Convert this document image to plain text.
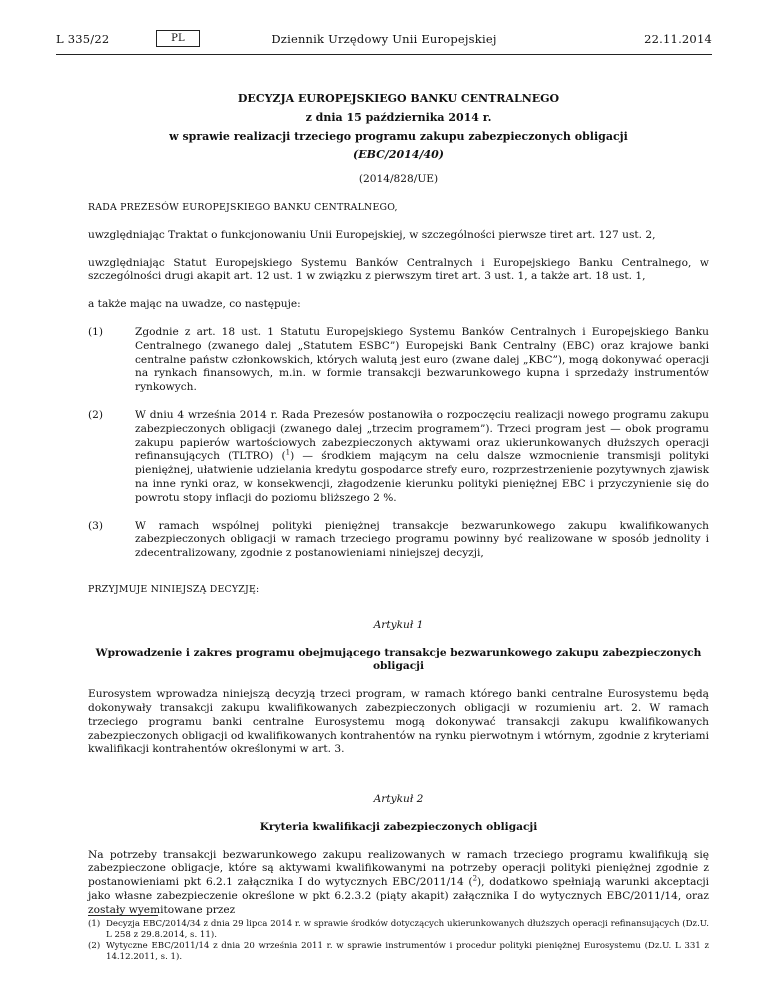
L 335/22	PL	Dziennik Urzędowy Unii Europejskiej	22.11.2014

DECYZJA EUROPEJSKIEGO BANKU CENTRALNEGO

z dnia 15 października 2014 r.

w sprawie realizacji trzeciego programu zakupu zabezpieczonych obligacji

(EBC/2014/40)

(2014/828/UE)

RADA PREZESÓW EUROPEJSKIEGO BANKU CENTRALNEGO,

uwzględniając Traktat o funkcjonowaniu Unii Europejskiej, w szczególności pierwsze tiret art. 127 ust. 2,

uwzględniając Statut Europejskiego Systemu Banków Centralnych i Europejskiego Banku Centralnego, w szczególności drugi akapit art. 12 ust. 1 w związku z pierwszym tiret art. 3 ust. 1, a także art. 18 ust. 1,

a także mając na uwadze, co następuje:

(1)	Zgodnie z art. 18 ust. 1 Statutu Europejskiego Systemu Banków Centralnych i Europejskiego Banku Centralnego (zwanego dalej „Statutem ESBC”) Europejski Bank Centralny (EBC) oraz krajowe banki centralne państw członkowskich, których walutą jest euro (zwane dalej „KBC”), mogą dokonywać operacji na rynkach finansowych, m.in. w formie transakcji bezwarunkowego kupna i sprzedaży instrumentów rynkowych.
(2)	W dniu 4 września 2014 r. Rada Prezesów postanowiła o rozpoczęciu realizacji nowego programu zakupu zabezpieczonych obligacji (zwanego dalej „trzecim programem”). Trzeci program jest — obok programu zakupu papierów wartościowych zabezpieczonych aktywami oraz ukierunkowanych dłuższych operacji refinansujących (TLTRO) ($^1$) — środkiem mającym na celu dalsze wzmocnienie transmisji polityki pieniężnej, ułatwienie udzielania kredytu gospodarce strefy euro, rozprzestrzenienie pozytywnych zjawisk na inne rynki oraz, w konsekwencji, złagodzenie kierunku polityki pieniężnej EBC i przyczynienie się do powrotu stopy inflacji do poziomu bliższego 2 %.
(3)	W ramach wspólnej polityki pieniężnej transakcje bezwarunkowego zakupu kwalifikowanych zabezpieczonych obligacji w ramach trzeciego programu powinny być realizowane w sposób jednolity i zdecentralizowany, zgodnie z postanowieniami niniejszej decyzji,

PRZYJMUJE NINIEJSZĄ DECYZJĘ:

Artykuł 1

Wprowadzenie i zakres programu obejmującego transakcje bezwarunkowego zakupu zabezpieczonych obligacji

Eurosystem wprowadza niniejszą decyzją trzeci program, w ramach którego banki centralne Eurosystemu będą dokonywały transakcji zakupu kwalifikowanych zabezpieczonych obligacji w rozumieniu art. 2. W ramach trzeciego programu banki centralne Eurosystemu mogą dokonywać transakcji zakupu kwalifikowanych zabezpieczonych obligacji od kwalifikowanych kontrahentów na rynku pierwotnym i wtórnym, zgodnie z kryteriami kwalifikacji kontrahentów określonymi w art. 3.

Artykuł 2

Kryteria kwalifikacji zabezpieczonych obligacji

Na potrzeby transakcji bezwarunkowego zakupu realizowanych w ramach trzeciego programu kwalifikują się zabezpieczone obligacje, które są aktywami kwalifikowanymi na potrzeby operacji polityki pieniężnej zgodnie z postanowieniami pkt 6.2.1 załącznika I do wytycznych EBC/2011/14 ($^2$), dodatkowo spełniają warunki akceptacji jako własne zabezpieczenie określone w pkt 6.2.3.2 (piąty akapit) załącznika I do wytycznych EBC/2011/14, oraz zostały wyemitowane przez

(1) Decyzja EBC/2014/34 z dnia 29 lipca 2014 r. w sprawie środków dotyczących ukierunkowanych dłuższych operacji refinansujących (Dz.U. L 258 z 29.8.2014, s. 11).
(2) Wytyczne EBC/2011/14 z dnia 20 września 2011 r. w sprawie instrumentów i procedur polityki pieniężnej Eurosystemu (Dz.U. L 331 z 14.12.2011, s. 1).
